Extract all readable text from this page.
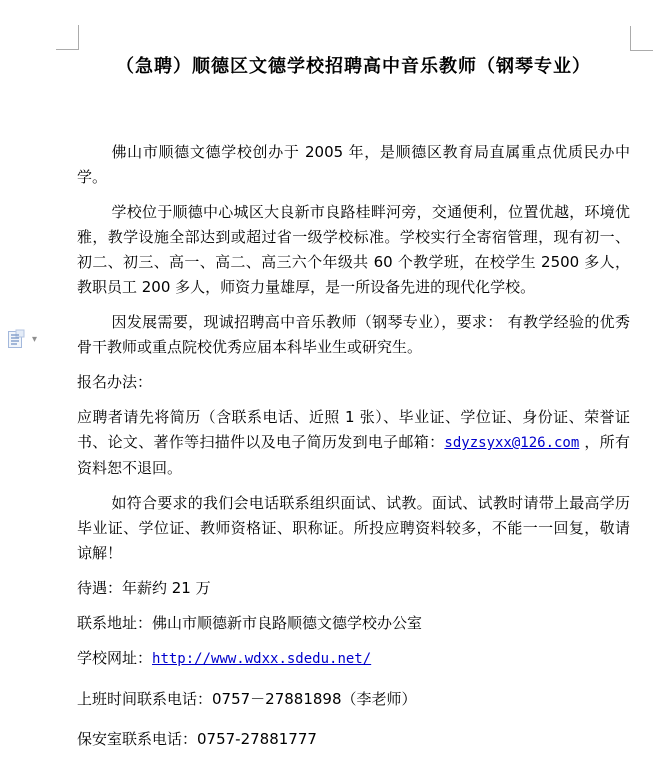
▾
（急聘）顺德区文德学校招聘高中音乐教师（钢琴专业）

佛山市顺德文德学校创办于 2005 年，是顺德区教育局直属重点优质民办中学。

学校位于顺德中心城区大良新市良路桂畔河旁，交通便利，位置优越，环境优雅，教学设施全部达到或超过省一级学校标准。学校实行全寄宿管理，现有初一、初二、初三、高一、高二、高三六个年级共 60 个教学班，在校学生 2500 多人，教职员工 200 多人，师资力量雄厚，是一所设备先进的现代化学校。

因发展需要，现诚招聘高中音乐教师（钢琴专业），要求： 有教学经验的优秀骨干教师或重点院校优秀应届本科毕业生或研究生。

报名办法：

应聘者请先将简历（含联系电话、近照 1 张）、毕业证、学位证、身份证、荣誉证书、论文、著作等扫描件以及电子简历发到电子邮箱：sdyzsyxx@126.com ，所有资料恕不退回。

如符合要求的我们会电话联系组织面试、试教。面试、试教时请带上最高学历毕业证、学位证、教师资格证、职称证。所投应聘资料较多，不能一一回复，敬请谅解！

待遇：年薪约 21 万

联系地址：佛山市顺德新市良路顺德文德学校办公室

学校网址：http://www.wdxx.sdedu.net/

上班时间联系电话：0757－27881898（李老师）

保安室联系电话：0757-27881777
